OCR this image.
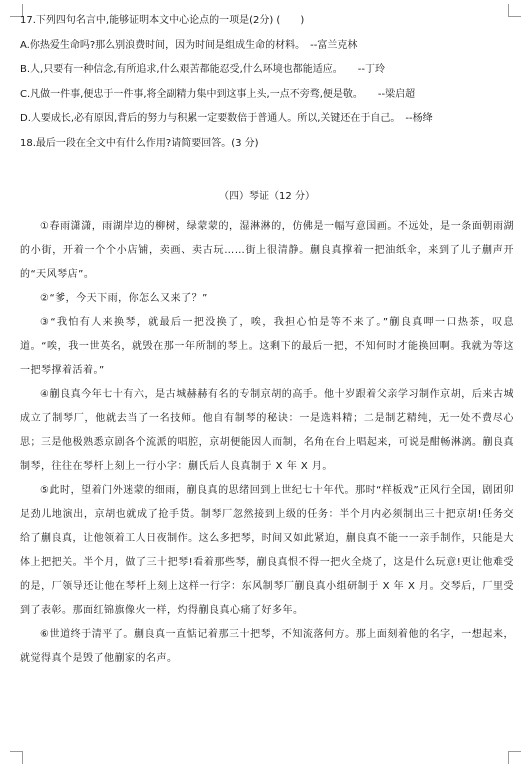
17.下列四句名言中,能够证明本文中心论点的一项是(2分) (　　)
A.你热爱生命吗?那么别浪费时间，因为时间是组成生命的材料。　--富兰克林
B.人,只要有一种信念,有所追求,什么艰苦都能忍受,什么环境也都能适应。　　--丁玲
C.凡做一件事,便忠于一件事,将全副精力集中到这事上头,一点不旁骛,便是敬。　　--梁启超
D.人要成长,必有原因,背后的努力与积累一定要数倍于普通人。所以,关键还在于自己。　--杨绛
18.最后一段在全文中有什么作用?请简要回答。(3 分)
（四）琴证（12 分）

①春雨潇潇，雨湖岸边的柳树，绿蒙蒙的，湿淋淋的，仿佛是一幅写意国画。不远处，是一条面朝雨湖的小街，开着一个个小店铺，卖画、卖古玩……街上很清静。蒯良真撑着一把油纸伞，来到了儿子蒯声开的“天风琴店”。

②“爹，今天下雨，你怎么又来了？”

③“我怕有人来换琴，就最后一把没换了，唉，我担心怕是等不来了。”蒯良真呷一口热茶，叹息道。“唉，我一世英名，就毁在那一年所制的琴上。这剩下的最后一把，不知何时才能换回啊。我就为等这一把琴撑着活着。”

④蒯良真今年七十有六，是古城赫赫有名的专制京胡的高手。他十岁跟着父亲学习制作京胡，后来古城成立了制琴厂，他就去当了一名技师。他自有制琴的秘诀：一是选料精；二是制艺精纯，无一处不费尽心思；三是他极熟悉京剧各个流派的唱腔，京胡便能因人而制，名角在台上唱起来，可说是酣畅淋漓。蒯良真制琴，往往在琴杆上刻上一行小字：蒯氏后人良真制于 X 年 X 月。

⑤此时，望着门外迷蒙的细雨，蒯良真的思绪回到上世纪七十年代。那时“样板戏”正风行全国，剧团卯足劲儿地演出，京胡也就成了抢手货。制琴厂忽然接到上级的任务：半个月内必须制出三十把京胡!任务交给了蒯良真，让他领着工人日夜制作。这么多把琴，时间又如此紧迫，蒯良真不能一一亲手制作，只能是大体上把把关。半个月，做了三十把琴!看着那些琴，蒯良真恨不得一把火全烧了，这是什么玩意!更让他难受的是，厂领导还让他在琴杆上刻上这样一行字：东风制琴厂蒯良真小组研制于 X 年 X 月。交琴后，厂里受到了表彰。那面红锦旗像火一样，灼得蒯良真心痛了好多年。

⑥世道终于清平了。蒯良真一直惦记着那三十把琴，不知流落何方。那上面刻着他的名字，一想起来，就觉得真个是毁了他蒯家的名声。
